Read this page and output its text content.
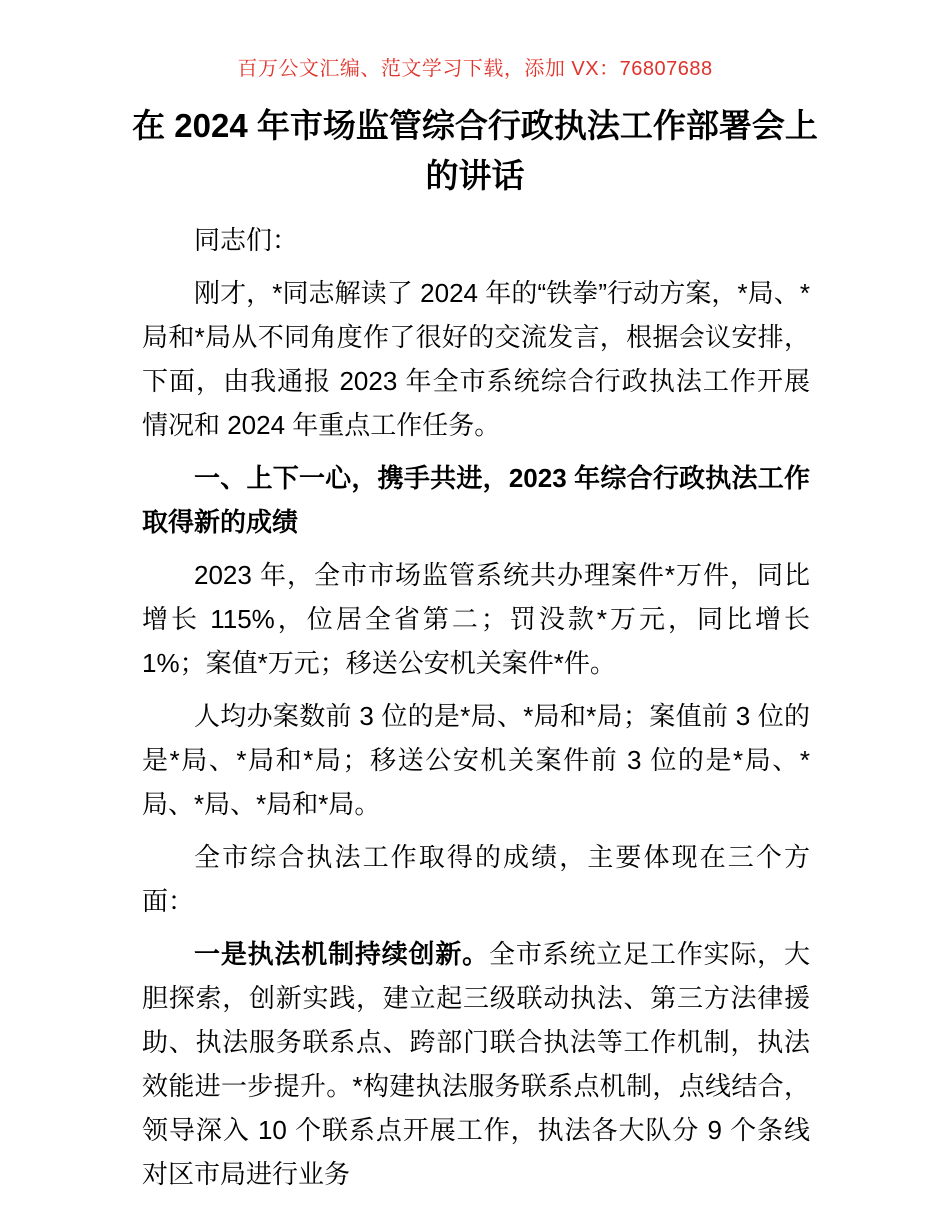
百万公文汇编、范文学习下载，添加 VX：76807688
在 2024 年市场监管综合行政执法工作部署会上
的讲话

同志们：

刚才，*同志解读了 2024 年的“铁拳”行动方案，*局、*局和*局从不同角度作了很好的交流发言，根据会议安排，下面，由我通报 2023 年全市系统综合行政执法工作开展情况和 2024 年重点工作任务。

一、上下一心，携手共进，2023 年综合行政执法工作取得新的成绩

2023 年，全市市场监管系统共办理案件*万件，同比增长 115%，位居全省第二；罚没款*万元，同比增长 1%；案值*万元；移送公安机关案件*件。

人均办案数前 3 位的是*局、*局和*局；案值前 3 位的是*局、*局和*局；移送公安机关案件前 3 位的是*局、*局、*局、*局和*局。

全市综合执法工作取得的成绩，主要体现在三个方面：

一是执法机制持续创新。全市系统立足工作实际，大胆探索，创新实践，建立起三级联动执法、第三方法律援助、执法服务联系点、跨部门联合执法等工作机制，执法效能进一步提升。*构建执法服务联系点机制，点线结合，领导深入 10 个联系点开展工作，执法各大队分 9 个条线对区市局进行业务
